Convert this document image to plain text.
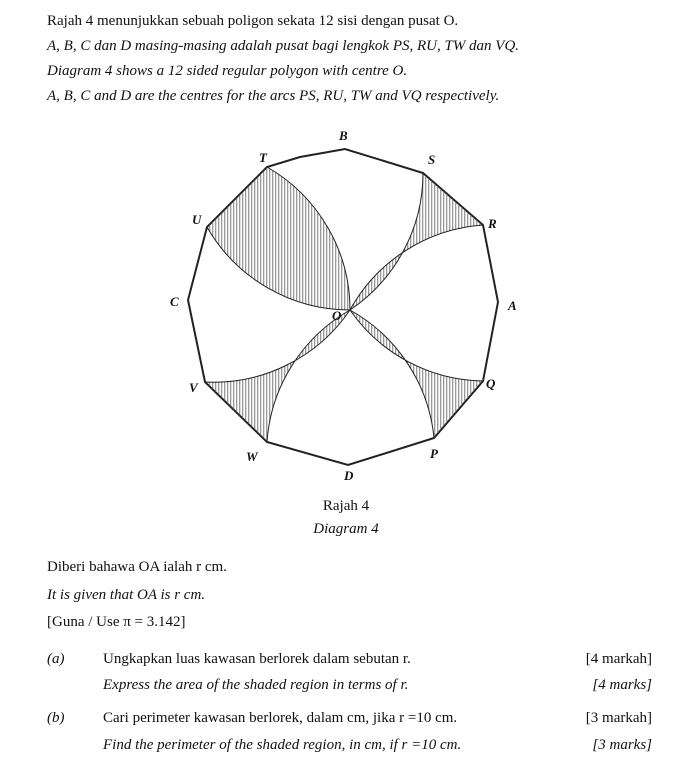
Rajah 4 menunjukkan sebuah poligon sekata 12 sisi dengan pusat O.
A, B, C dan D masing-masing adalah pusat bagi lengkok PS, RU, TW dan VQ.
Diagram 4 shows a 12 sided regular polygon with centre O.
A, B, C and D are the centres for the arcs PS, RU, TW and VQ respectively.
B
S
R
A
Q
P
D
W
V
C
U
T
O
Rajah 4
Diagram 4
Diberi bahawa OA ialah r cm.
It is given that OA is r cm.
[Guna / Use π = 3.142]
(a)	Ungkapkan luas kawasan berlorek dalam sebutan r.	[4 markah]
Express the area of the shaded region in terms of r.	[4 marks]
(b)	Cari perimeter kawasan berlorek, dalam cm, jika r =10 cm.	[3 markah]
Find the perimeter of the shaded region, in cm, if r =10 cm.	[3 marks]
